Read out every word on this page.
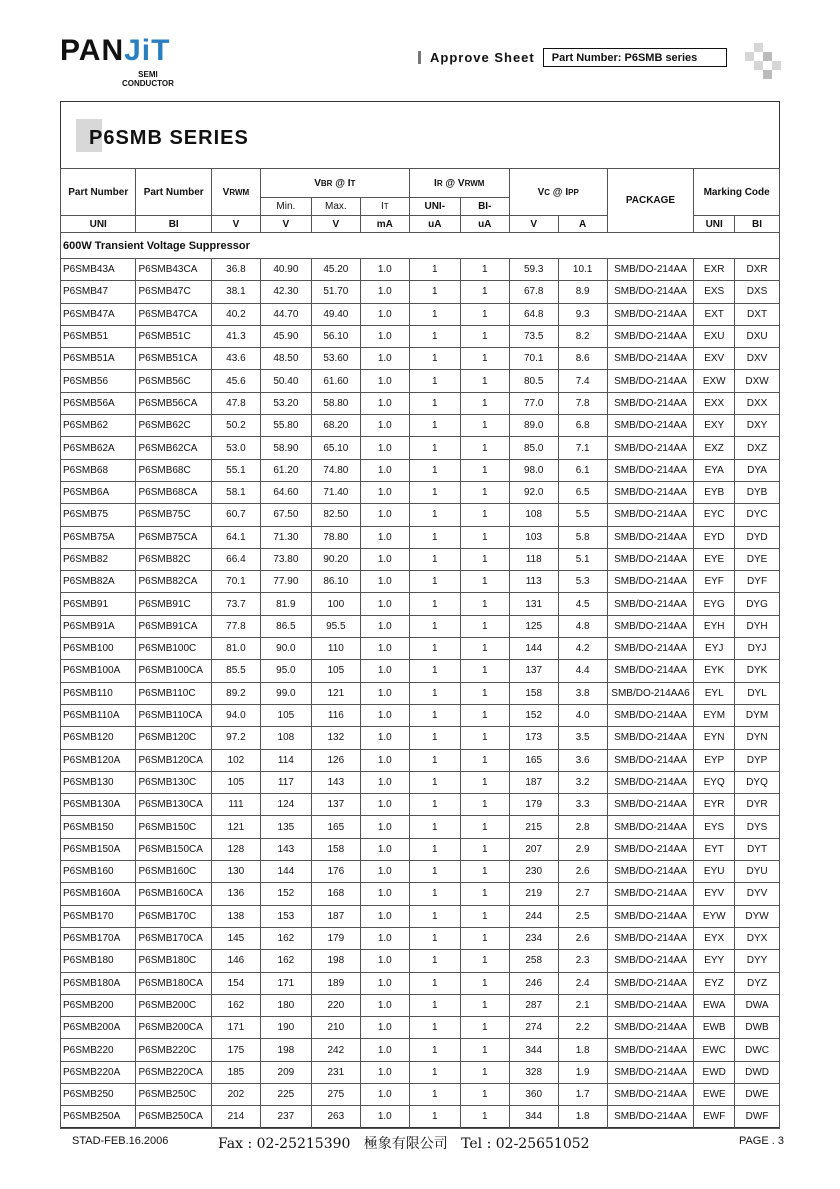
PANJiT
SEMI
CONDUCTOR
Approve Sheet	Part Number: P6SMB series
P6SMB SERIES
Part Number	Part Number	VRWM	VBR @ IT			IR @ VRWM		VC @ IPP		PACKAGE	Marking Code	
			Min.	Max.	IT	UNI-	BI-					
UNI	BI	V	V	V	mA	uA	uA	V	A		UNI	BI
600W Transient Voltage Suppressor												
P6SMB43A	P6SMB43CA	36.8	40.90	45.20	1.0	1	1	59.3	10.1	SMB/DO-214AA	EXR	DXR
P6SMB47	P6SMB47C	38.1	42.30	51.70	1.0	1	1	67.8	8.9	SMB/DO-214AA	EXS	DXS
P6SMB47A	P6SMB47CA	40.2	44.70	49.40	1.0	1	1	64.8	9.3	SMB/DO-214AA	EXT	DXT
P6SMB51	P6SMB51C	41.3	45.90	56.10	1.0	1	1	73.5	8.2	SMB/DO-214AA	EXU	DXU
P6SMB51A	P6SMB51CA	43.6	48.50	53.60	1.0	1	1	70.1	8.6	SMB/DO-214AA	EXV	DXV
P6SMB56	P6SMB56C	45.6	50.40	61.60	1.0	1	1	80.5	7.4	SMB/DO-214AA	EXW	DXW
P6SMB56A	P6SMB56CA	47.8	53.20	58.80	1.0	1	1	77.0	7.8	SMB/DO-214AA	EXX	DXX
P6SMB62	P6SMB62C	50.2	55.80	68.20	1.0	1	1	89.0	6.8	SMB/DO-214AA	EXY	DXY
P6SMB62A	P6SMB62CA	53.0	58.90	65.10	1.0	1	1	85.0	7.1	SMB/DO-214AA	EXZ	DXZ
P6SMB68	P6SMB68C	55.1	61.20	74.80	1.0	1	1	98.0	6.1	SMB/DO-214AA	EYA	DYA
P6SMB6A	P6SMB68CA	58.1	64.60	71.40	1.0	1	1	92.0	6.5	SMB/DO-214AA	EYB	DYB
P6SMB75	P6SMB75C	60.7	67.50	82.50	1.0	1	1	108	5.5	SMB/DO-214AA	EYC	DYC
P6SMB75A	P6SMB75CA	64.1	71.30	78.80	1.0	1	1	103	5.8	SMB/DO-214AA	EYD	DYD
P6SMB82	P6SMB82C	66.4	73.80	90.20	1.0	1	1	118	5.1	SMB/DO-214AA	EYE	DYE
P6SMB82A	P6SMB82CA	70.1	77.90	86.10	1.0	1	1	113	5.3	SMB/DO-214AA	EYF	DYF
P6SMB91	P6SMB91C	73.7	81.9	100	1.0	1	1	131	4.5	SMB/DO-214AA	EYG	DYG
P6SMB91A	P6SMB91CA	77.8	86.5	95.5	1.0	1	1	125	4.8	SMB/DO-214AA	EYH	DYH
P6SMB100	P6SMB100C	81.0	90.0	110	1.0	1	1	144	4.2	SMB/DO-214AA	EYJ	DYJ
P6SMB100A	P6SMB100CA	85.5	95.0	105	1.0	1	1	137	4.4	SMB/DO-214AA	EYK	DYK
P6SMB110	P6SMB110C	89.2	99.0	121	1.0	1	1	158	3.8	SMB/DO-214AA6	EYL	DYL
P6SMB110A	P6SMB110CA	94.0	105	116	1.0	1	1	152	4.0	SMB/DO-214AA	EYM	DYM
P6SMB120	P6SMB120C	97.2	108	132	1.0	1	1	173	3.5	SMB/DO-214AA	EYN	DYN
P6SMB120A	P6SMB120CA	102	114	126	1.0	1	1	165	3.6	SMB/DO-214AA	EYP	DYP
P6SMB130	P6SMB130C	105	117	143	1.0	1	1	187	3.2	SMB/DO-214AA	EYQ	DYQ
P6SMB130A	P6SMB130CA	111	124	137	1.0	1	1	179	3.3	SMB/DO-214AA	EYR	DYR
P6SMB150	P6SMB150C	121	135	165	1.0	1	1	215	2.8	SMB/DO-214AA	EYS	DYS
P6SMB150A	P6SMB150CA	128	143	158	1.0	1	1	207	2.9	SMB/DO-214AA	EYT	DYT
P6SMB160	P6SMB160C	130	144	176	1.0	1	1	230	2.6	SMB/DO-214AA	EYU	DYU
P6SMB160A	P6SMB160CA	136	152	168	1.0	1	1	219	2.7	SMB/DO-214AA	EYV	DYV
P6SMB170	P6SMB170C	138	153	187	1.0	1	1	244	2.5	SMB/DO-214AA	EYW	DYW
P6SMB170A	P6SMB170CA	145	162	179	1.0	1	1	234	2.6	SMB/DO-214AA	EYX	DYX
P6SMB180	P6SMB180C	146	162	198	1.0	1	1	258	2.3	SMB/DO-214AA	EYY	DYY
P6SMB180A	P6SMB180CA	154	171	189	1.0	1	1	246	2.4	SMB/DO-214AA	EYZ	DYZ
P6SMB200	P6SMB200C	162	180	220	1.0	1	1	287	2.1	SMB/DO-214AA	EWA	DWA
P6SMB200A	P6SMB200CA	171	190	210	1.0	1	1	274	2.2	SMB/DO-214AA	EWB	DWB
P6SMB220	P6SMB220C	175	198	242	1.0	1	1	344	1.8	SMB/DO-214AA	EWC	DWC
P6SMB220A	P6SMB220CA	185	209	231	1.0	1	1	328	1.9	SMB/DO-214AA	EWD	DWD
P6SMB250	P6SMB250C	202	225	275	1.0	1	1	360	1.7	SMB/DO-214AA	EWE	DWE
P6SMB250A	P6SMB250CA	214	237	263	1.0	1	1	344	1.8	SMB/DO-214AA	EWF	DWF
STAD-FEB.16.2006	Fax : 02-25215390   極象有限公司   Tel : 02-25651052	PAGE . 3
